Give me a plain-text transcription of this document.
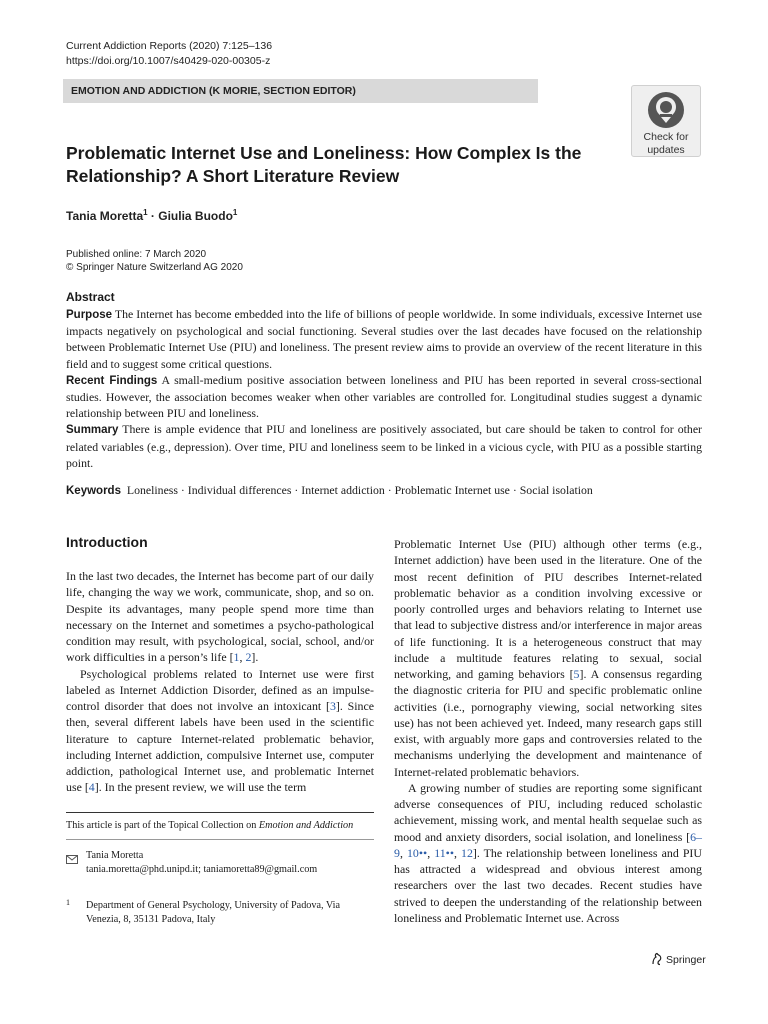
Current Addiction Reports (2020) 7:125–136
https://doi.org/10.1007/s40429-020-00305-z
EMOTION AND ADDICTION (K MORIE, SECTION EDITOR)
Check for
updates
Problematic Internet Use and Loneliness: How Complex Is the Relationship? A Short Literature Review
Tania Moretta$^1$ · Giulia Buodo$^1$
Published online: 7 March 2020
© Springer Nature Switzerland AG 2020
Abstract

Purpose The Internet has become embedded into the life of billions of people worldwide. In some individuals, excessive Internet use impacts negatively on psychological and social functioning. Several studies over the last decades have focused on the relationship between Problematic Internet Use (PIU) and loneliness. The present review aims to provide an overview of the recent literature in this field and to suggest some critical questions.

Recent Findings A small-medium positive association between loneliness and PIU has been reported in several cross-sectional studies. However, the association becomes weaker when other variables are controlled for. Longitudinal studies suggest a dynamic relationship between PIU and loneliness.

Summary There is ample evidence that PIU and loneliness are positively associated, but care should be taken to control for other related variables (e.g., depression). Over time, PIU and loneliness seem to be linked in a vicious cycle, with PIU as a possible starting point.

Keywords Loneliness · Individual differences · Internet addiction · Problematic Internet use · Social isolation
Introduction

In the last two decades, the Internet has become part of our daily life, changing the way we work, communicate, shop, and so on. Despite its advantages, many people spend more time than necessary on the Internet and sometimes a psycho-pathological condition may result, with psychological, social, school, and/or work difficulties in a person’s life [1, 2].

Psychological problems related to Internet use were first labeled as Internet Addiction Disorder, defined as an impulse-control disorder that does not involve an intoxicant [3]. Since then, several different labels have been used in the scientific literature to capture Internet-related problematic behavior, including Internet addiction, compulsive Internet use, computer addiction, pathological Internet use, and problematic Internet use [4]. In the present review, we will use the term

Problematic Internet Use (PIU) although other terms (e.g., Internet addiction) have been used in the literature. One of the most recent definition of PIU describes Internet-related problematic behavior as a condition involving excessive or poorly controlled urges and behaviors relating to Internet use that lead to subjective distress and/or interference in major areas of life functioning. It is a heterogeneous construct that may include a multitude features relating to sexual, social networking, and gaming behaviors [5]. A consensus regarding the diagnostic criteria for PIU and specific problematic online activities (i.e., pornography viewing, social networking sites use) has not been achieved yet. Indeed, many research gaps still exist, with arguably more gaps and controversies related to the mechanisms underlying the development and maintenance of Internet-related problematic behaviors.

A growing number of studies are reporting some significant adverse consequences of PIU, including reduced scholastic achievement, missing work, and mental health sequelae such as mood and anxiety disorders, social isolation, and loneliness [6–9, 10••, 11••, 12]. The relationship between loneliness and PIU has attracted a widespread and obvious interest among researchers over the last two decades. Recent studies have strived to deepen the understanding of the relationship between loneliness and Problematic Internet use. Across

This article is part of the Topical Collection on Emotion and Addiction
Tania Moretta
tania.moretta@phd.unipd.it; taniamoretta89@gmail.com
1 Department of General Psychology, University of Padova, Via Venezia, 8, 35131 Padova, Italy
Springer
